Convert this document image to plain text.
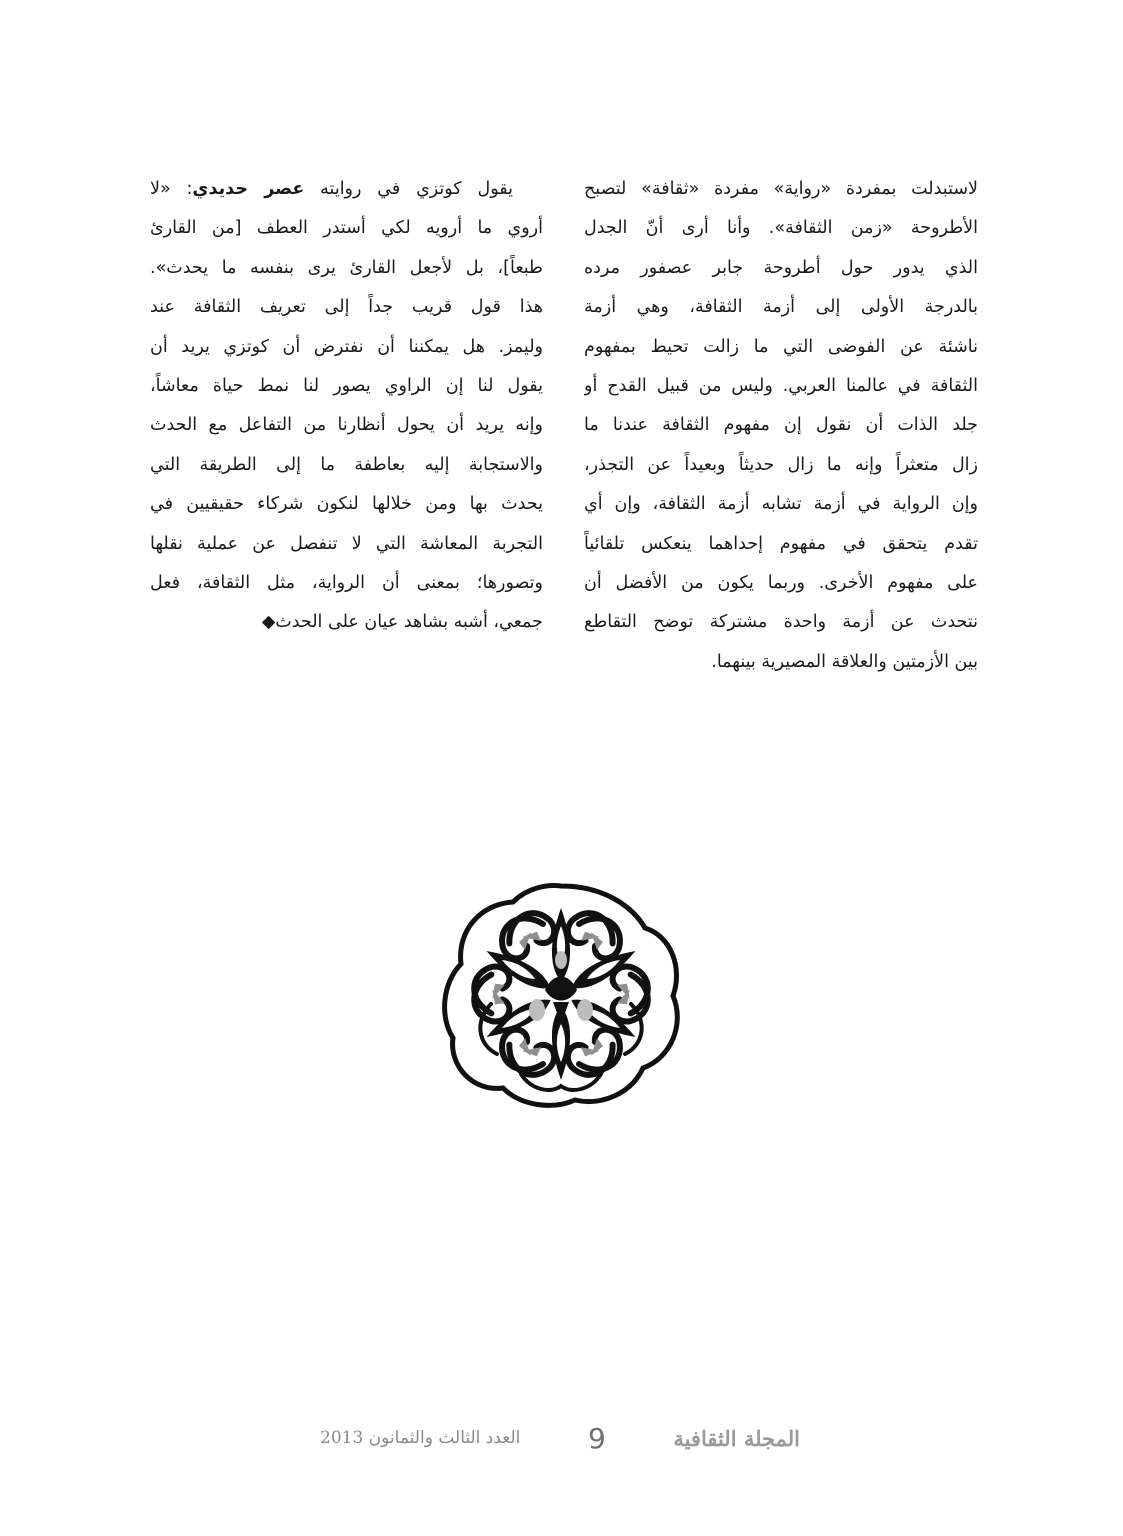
لاستبدلت بمفردة «رواية» مفردة «ثقافة» لتصبح
الأطروحة «زمن الثقافة». وأنا أرى أنّ الجدل
الذي يدور حول أطروحة جابر عصفور مرده
بالدرجة الأولى إلى أزمة الثقافة، وهي أزمة
ناشئة عن الفوضى التي ما زالت تحيط بمفهوم
الثقافة في عالمنا العربي. وليس من قبيل القدح أو
جلد الذات أن نقول إن مفهوم الثقافة عندنا ما
زال متعثراً وإنه ما زال حديثاً وبعيداً عن التجذر،
وإن الرواية في أزمة تشابه أزمة الثقافة، وإن أي
تقدم يتحقق في مفهوم إحداهما ينعكس تلقائياً
على مفهوم الأخرى. وربما يكون من الأفضل أن
نتحدث عن أزمة واحدة مشتركة توضح التقاطع
بين الأزمتين والعلاقة المصيرية بينهما.
يقول كوتزي في روايته عصر حديدي: «لا
أروي ما أرويه لكي أستدر العطف [من القارئ
طبعاً]، بل لأجعل القارئ يرى بنفسه ما يحدث».
هذا قول قريب جداً إلى تعريف الثقافة عند
وليمز. هل يمكننا أن نفترض أن كوتزي يريد أن
يقول لنا إن الراوي يصور لنا نمط حياة معاشاً،
وإنه يريد أن يحول أنظارنا من التفاعل مع الحدث
والاستجابة إليه بعاطفة ما إلى الطريقة التي
يحدث بها ومن خلالها لنكون شركاء حقيقيين في
التجربة المعاشة التي لا تنفصل عن عملية نقلها
وتصورها؛ بمعنى أن الرواية، مثل الثقافة، فعل
جمعي، أشبه بشاهد عيان على الحدث◆
العدد الثالث والثمانون 2013 9	المجلة الثقافية
